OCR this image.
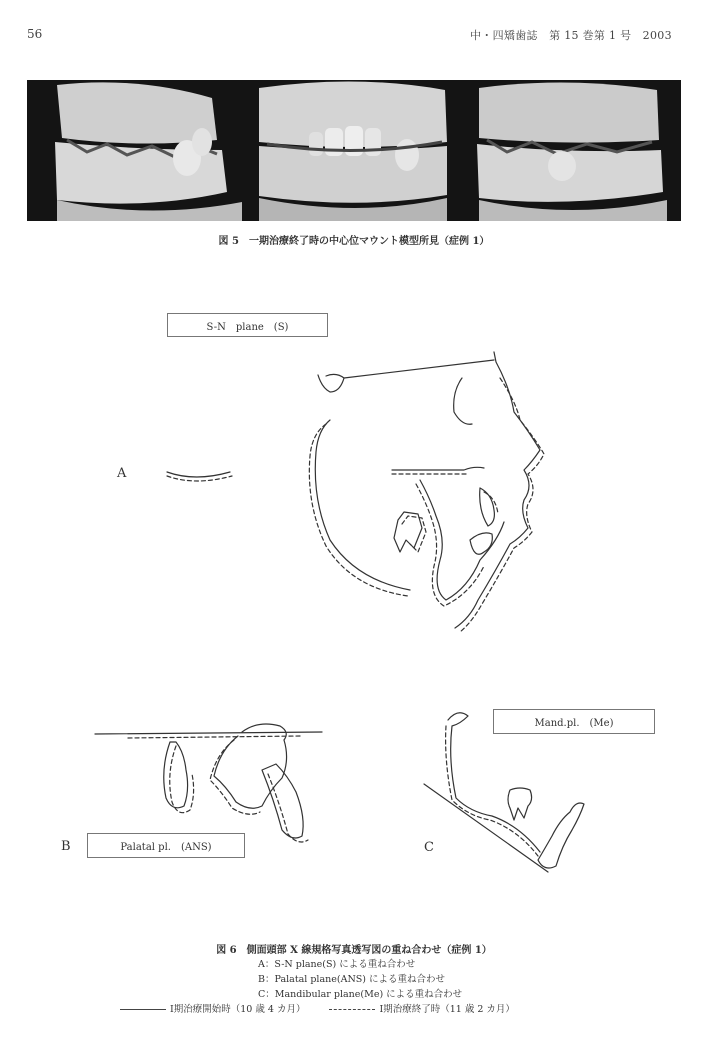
56	中・四矯歯誌　第 15 巻第 1 号　2003
図 5　一期治療終了時の中心位マウント模型所見（症例 1）
S-N　plane　(S)
A
Mand.pl.　(Me)
Palatal pl.　(ANS)
B	C
図 6　側面頭部 X 線規格写真透写図の重ね合わせ（症例 1）
A：S-N plane(S) による重ね合わせ
B：Palatal plane(ANS) による重ね合わせ
C：Mandibular plane(Me) による重ね合わせ
Ⅰ期治療開始時（10 歳 4 カ月）	Ⅰ期治療終了時（11 歳 2 カ月）
